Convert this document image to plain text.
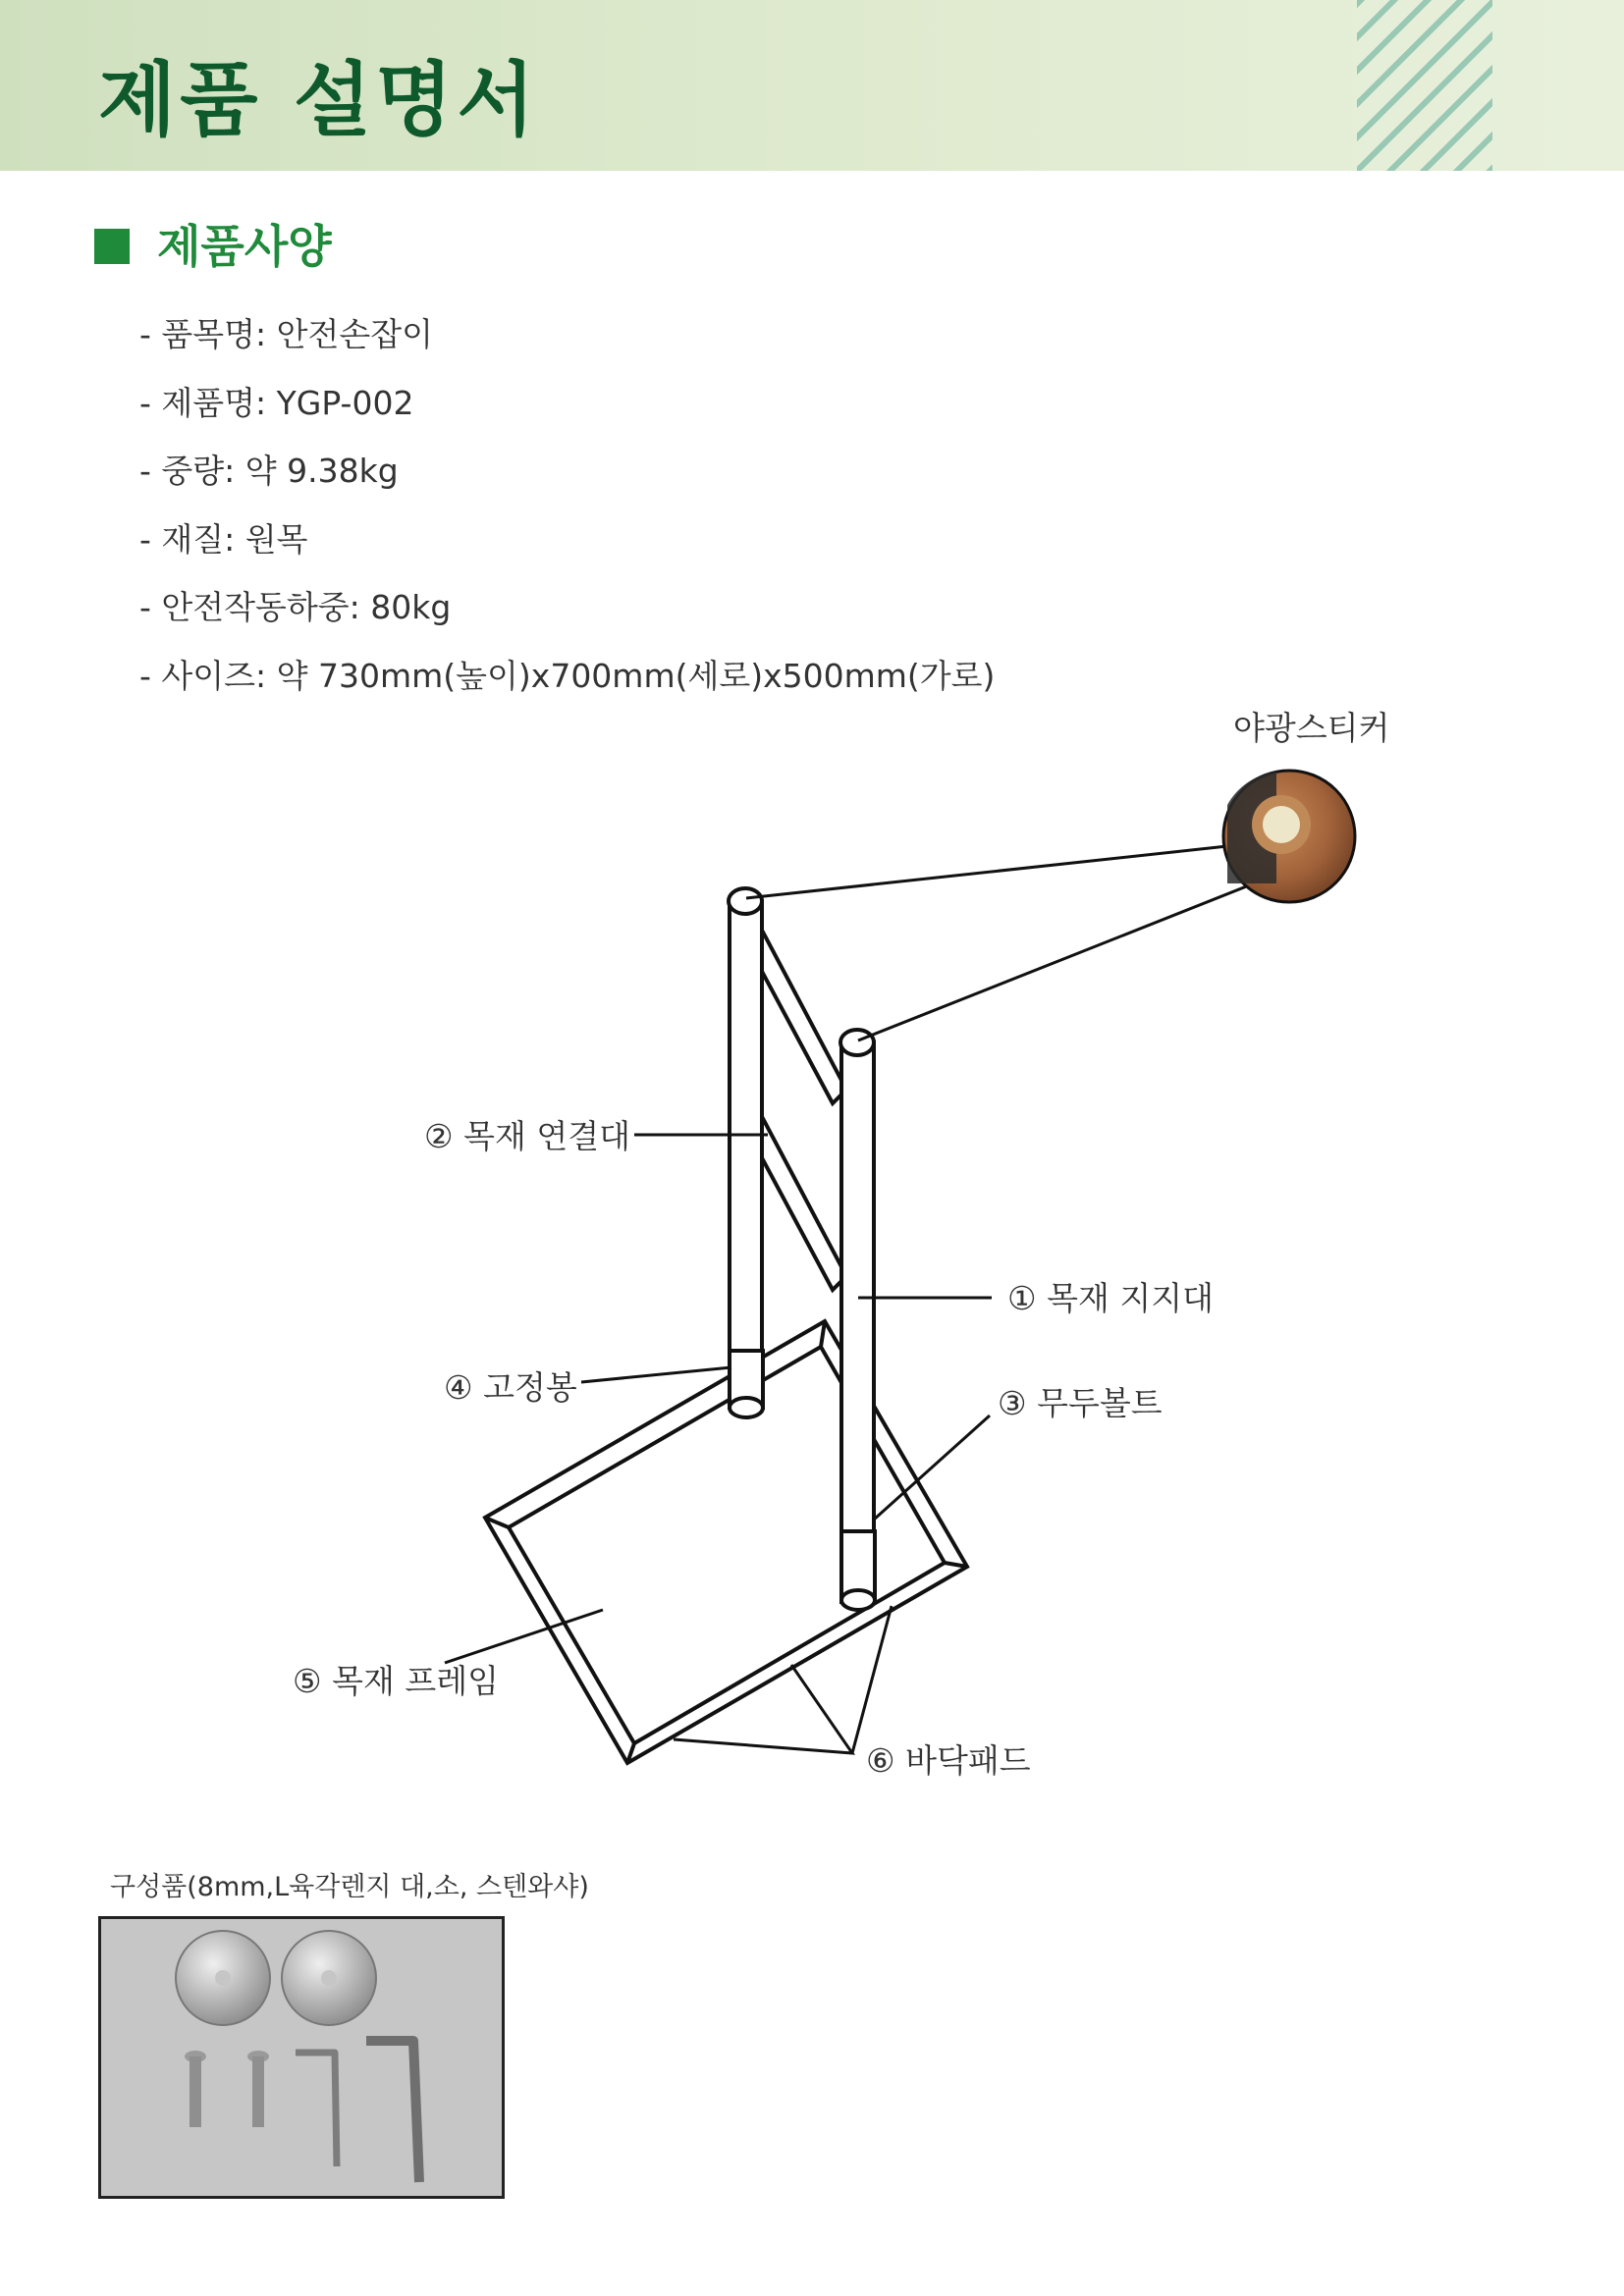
제품 설명서
제품사양
- 품목명: 안전손잡이
- 제품명: YGP-002
- 중량: 약 9.38kg
- 재질: 원목
- 안전작동하중: 80kg
- 사이즈: 약 730mm(높이)x700mm(세로)x500mm(가로)
야광스티커
① 목재 지지대
② 목재 연결대
③ 무두볼트
④ 고정봉
⑤ 목재 프레임
⑥ 바닥패드
구성품(8mm,L육각렌지 대,소, 스텐와샤)
